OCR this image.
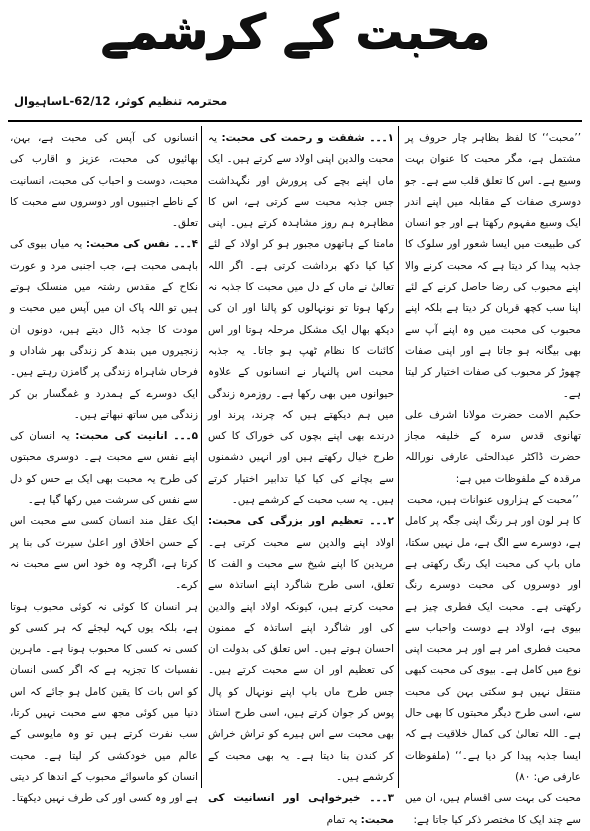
محبت کے کرشمے
محترمہ تنظیم کوثر، L-62/12ساہیوال

’’محبت‘‘ کا لفظ بظاہر چار حروف پر مشتمل ہے، مگر محبت کا عنوان بہت وسیع ہے۔ اس کا تعلق قلب سے ہے۔ جو دوسری صفات کے مقابلہ میں اپنے اندر ایک وسیع مفہوم رکھتا ہے اور جو انسان کی طبیعت میں ایسا شعور اور سلوک کا جذبہ پیدا کر دیتا ہے کہ محبت کرنے والا اپنے محبوب کی رضا حاصل کرنے کے لئے اپنا سب کچھ قربان کر دیتا ہے بلکہ اپنے محبوب کی محبت میں وہ اپنے آپ سے بھی بیگانہ ہو جاتا ہے اور اپنی صفات چھوڑ کر محبوب کی صفات اختیار کر لیتا ہے۔

حکیم الامت حضرت مولانا اشرف علی تھانوی قدس سرہ کے خلیفہ مجاز حضرت ڈاکٹر عبدالحئی عارفی نوراللہ مرقدہ کے ملفوظات میں ہے:

’’محبت کے ہزاروں عنوانات ہیں، محبت

کا ہر لون اور ہر رنگ اپنی جگہ پر کامل ہے، دوسرے سے الگ ہے، مل نہیں سکتا، ماں باپ کی محبت ایک رنگ رکھتی ہے اور دوسروں کی محبت دوسرے رنگ رکھتی ہے۔ محبت ایک فطری چیز ہے بیوی ہے، اولاد ہے دوست واحباب سے محبت فطری امر ہے اور ہر محبت اپنی نوع میں کامل ہے۔ بیوی کی محبت کبھی منتقل نہیں ہو سکتی بہن کی محبت سے، اسی طرح دیگر محبتوں کا بھی حال ہے۔ اللہ تعالیٰ کی کمال خلاقیت ہے کہ ایسا جذبہ پیدا کر دیا ہے۔‘‘ (ملفوظات عارفی ص: ۸۰)

محبت کی بہت سی اقسام ہیں، ان میں سے چند ایک کا مختصر ذکر کیا جاتا ہے:

۱۔۔۔ شفقت و رحمت کی محبت: یہ محبت والدین اپنی اولاد سے کرتے ہیں۔ ایک ماں اپنے بچے کی پرورش اور نگہداشت جس جذبہ محبت سے کرتی ہے، اس کا مظاہرہ ہم روز مشاہدہ کرتے ہیں۔ اپنی مامتا کے ہاتھوں مجبور ہو کر اولاد کے لئے کیا کیا دکھ برداشت کرتی ہے۔ اگر اللہ تعالیٰ نے ماں کے دل میں محبت کا جذبہ نہ رکھا ہوتا تو نونہالوں کو پالنا اور ان کی دیکھ بھال ایک مشکل مرحلہ ہوتا اور اس کائنات کا نظام ٹھپ ہو جاتا۔ یہ جذبہ محبت اس پالنہار نے انسانوں کے علاوہ حیوانوں میں بھی رکھا ہے۔ روزمرہ زندگی میں ہم دیکھتے ہیں کہ چرند، پرند اور درندے بھی اپنے بچوں کی خوراک کا کس طرح خیال رکھتے ہیں اور انہیں دشمنوں سے بچانے کی کیا کیا تدابیر اختیار کرتے ہیں۔ یہ سب محبت کے کرشمے ہیں۔

۲۔۔۔ تعظیم اور بزرگی کی محبت: اولاد اپنے والدین سے محبت کرتی ہے۔ مریدین کا اپنے شیخ سے محبت و الفت کا تعلق، اسی طرح شاگرد اپنے اساتذہ سے محبت کرتے ہیں، کیونکہ اولاد اپنے والدین کی اور شاگرد اپنے اساتذہ کے ممنون احسان ہوتے ہیں۔ اس تعلق کی بدولت ان کی تعظیم اور ان سے محبت کرتے ہیں۔ جس طرح ماں باپ اپنے نونہال کو پال پوس کر جوان کرتے ہیں، اسی طرح استاذ بھی محبت سے اس ہیرے کو تراش خراش کر کندن بنا دیتا ہے۔ یہ بھی محبت کے کرشمے ہیں۔

۳۔۔۔ خیرخواہی اور انسانیت کی محبت: یہ تمام

انسانوں کی آپس کی محبت ہے، بہن، بھائیوں کی محبت، عزیز و اقارب کی محبت، دوست و احباب کی محبت، انسانیت کے ناطے اجنبیوں اور دوسروں سے محبت کا تعلق۔

۴۔۔۔ نفس کی محبت: یہ میاں بیوی کی باہمی محبت ہے، جب اجنبی مرد و عورت نکاح کے مقدس رشتہ میں منسلک ہوتے ہیں تو اللہ پاک ان میں آپس میں محبت و مودت کا جذبہ ڈال دیتے ہیں، دونوں ان زنجیروں میں بندھ کر زندگی بھر شاداں و فرحاں شاہراہ زندگی پر گامزن رہتے ہیں۔ ایک دوسرے کے ہمدرد و غمگسار بن کر زندگی میں ساتھ نبھاتے ہیں۔

۵۔۔۔ انانیت کی محبت: یہ انسان کی اپنے نفس سے محبت ہے۔ دوسری محبتوں کی طرح یہ محبت بھی ایک بے حس کو دل سے نفس کی سرشت میں رکھا گیا ہے۔

ایک عقل مند انسان کسی سے محبت اس کے حسن اخلاق اور اعلیٰ سیرت کی بنا پر کرتا ہے، اگرچہ وہ خود اس سے محبت نہ کرے۔

ہر انسان کا کوئی نہ کوئی محبوب ہوتا ہے، بلکہ یوں کہہ لیجئے کہ ہر کسی کو کسی نہ کسی کا محبوب ہونا ہے۔ ماہرین نفسیات کا تجزیہ ہے کہ اگر کسی انسان کو اس بات کا یقین کامل ہو جائے کہ اس دنیا میں کوئی مجھ سے محبت نہیں کرتا، سب نفرت کرتے ہیں تو وہ مایوسی کے عالم میں خودکشی کر لیتا ہے۔ محبت انسان کو ماسوائے محبوب کے اندھا کر دیتی ہے اور وہ کسی اور کی طرف نہیں دیکھتا۔
